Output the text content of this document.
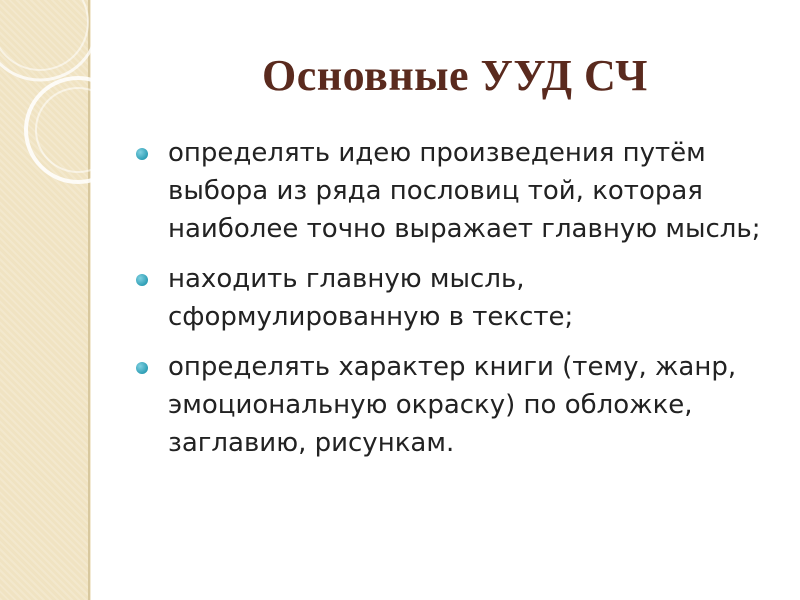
Основные УУД СЧ
определять идею произведения путём выбора из ряда пословиц той, которая наиболее точно выражает главную мысль;
находить главную мысль, сформулированную в тексте;
определять характер книги (тему, жанр, эмоциональную окраску) по обложке, заглавию, рисункам.
